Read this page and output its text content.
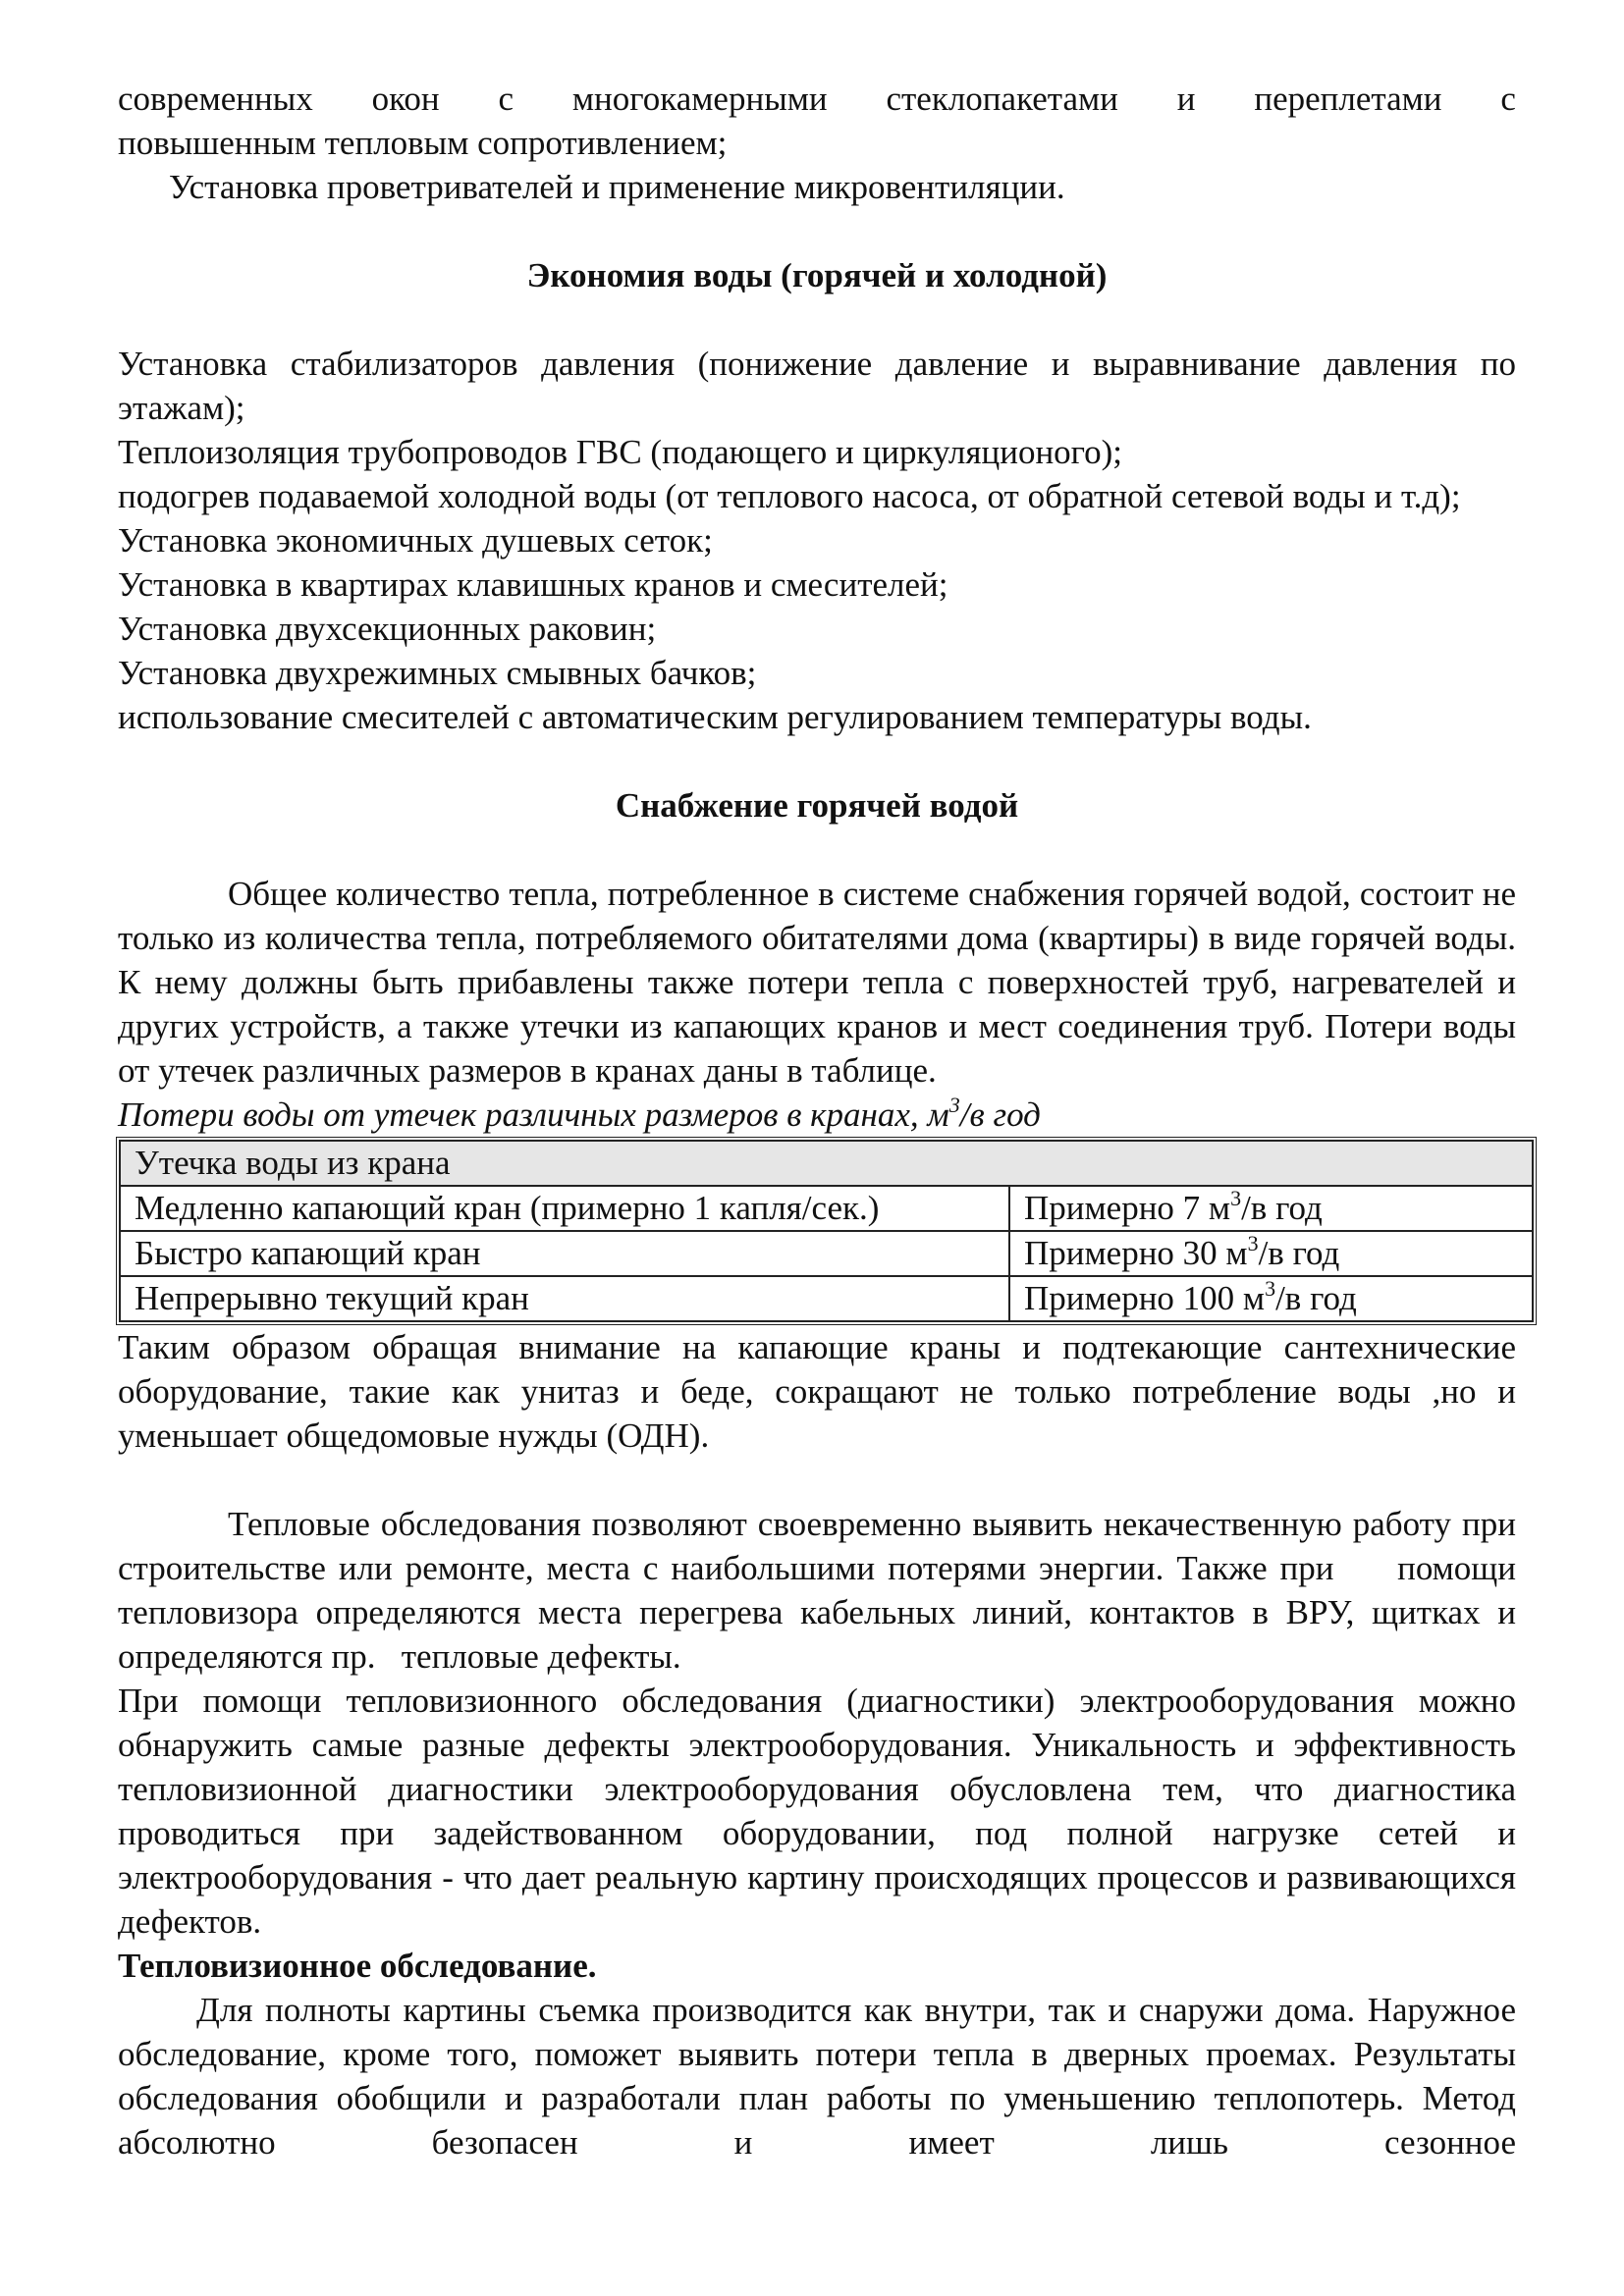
современных окон с многокамерными стеклопакетами и переплетами с
повышенным тепловым сопротивлением;

Установка проветривателей и применение микровентиляции.

Экономия воды (горячей и холодной)

Установка стабилизаторов давления (понижение давление и выравнивание давления по этажам);

Теплоизоляция трубопроводов ГВС (подающего и циркуляционого);

подогрев подаваемой холодной воды (от теплового насоса, от обратной сетевой воды и т.д);

Установка экономичных душевых сеток;

Установка в квартирах клавишных кранов и смесителей;

Установка двухсекционных раковин;

Установка двухрежимных смывных бачков;

использование смесителей с автоматическим регулированием температуры воды.

Снабжение горячей водой

Общее количество тепла, потребленное в системе снабжения горячей водой, состоит не только из количества тепла, потребляемого обитателями дома (квартиры) в виде горячей воды. К нему должны быть прибавлены также потери тепла с поверхностей труб, нагревателей и других устройств, а также утечки из капающих кранов и мест соединения труб. Потери воды от утечек различных размеров в кранах даны в таблице.

Потери воды от утечек различных размеров в кранах, $м^3/в$ год

Утечка воды из крана	
Медленно капающий кран (примерно 1 капля/сек.)	Примерно 7 $м^3/в$ год
Быстро капающий кран	Примерно 30 $м^3/в$ год
Непрерывно текущий кран	Примерно 100 $м^3/в$ год

Таким образом обращая внимание на капающие краны и подтекающие сантехнические оборудование, такие как унитаз и беде, сокращают не только потребление воды ,но и уменьшает общедомовые нужды (ОДН).

Тепловые обследования позволяют своевременно выявить некачественную работу при строительстве или ремонте, места с наибольшими потерями энергии. Также при     помощи тепловизора определяются места перегрева кабельных линий, контактов в ВРУ, щитках и     определяются пр.   тепловые дефекты.

При помощи тепловизионного обследования (диагностики) электрооборудования можно обнаружить самые разные дефекты электрооборудования. Уникальность и эффективность тепловизионной диагностики электрооборудования обусловлена тем, что диагностика проводиться при задействованном оборудовании, под полной нагрузке сетей и электрооборудования - что дает реальную картину происходящих процессов и развивающихся дефектов.

Тепловизионное обследование.

Для полноты картины съемка производится как внутри, так и снаружи дома. Наружное обследование, кроме того, поможет выявить потери тепла в дверных проемах. Результаты обследования обобщили и разработали план работы по уменьшению теплопотерь. Метод абсолютно безопасен и имеет лишь сезонное
